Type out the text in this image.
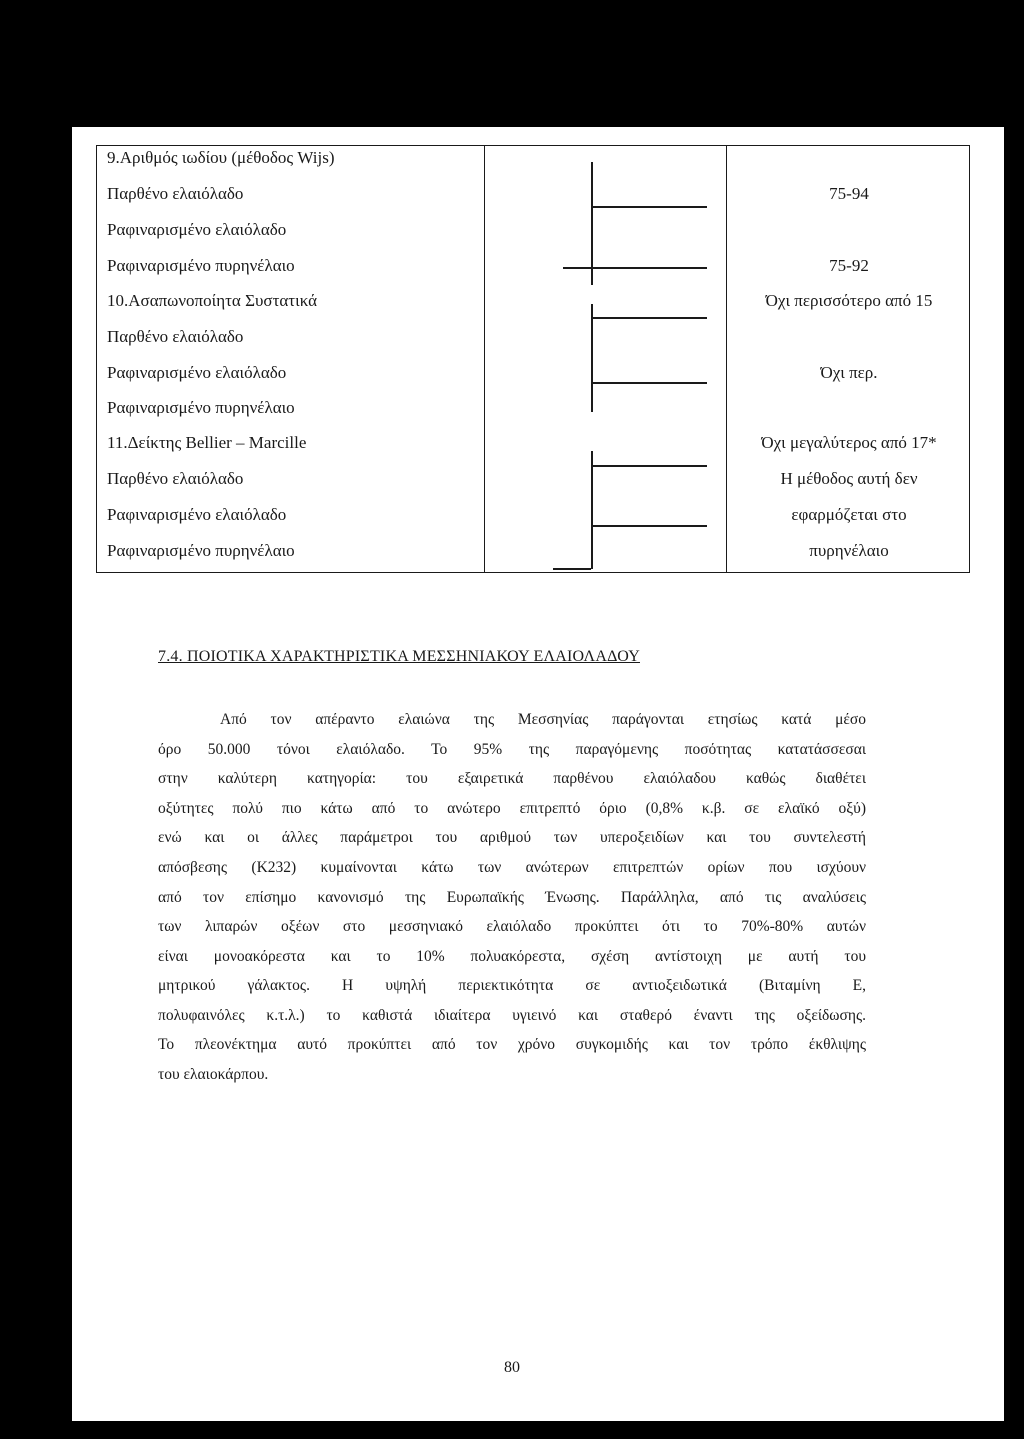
9.Αριθμός ιωδίου (μέθοδος Wijs)
Παρθένο ελαιόλαδο
Ραφιναρισμένο ελαιόλαδο
Ραφιναρισμένο πυρηνέλαιο
10.Ασαπωνοποίητα Συστατικά
Παρθένο ελαιόλαδο
Ραφιναρισμένο ελαιόλαδο
Ραφιναρισμένο πυρηνέλαιο
11.Δείκτης Bellier – Marcille
Παρθένο ελαιόλαδο
Ραφιναρισμένο ελαιόλαδο
Ραφιναρισμένο πυρηνέλαιο
75-94
75-92
Όχι περισσότερο από 15
Όχι περ.
Όχι μεγαλύτερος από 17*
Η μέθοδος αυτή δεν
εφαρμόζεται στο
πυρηνέλαιο
7.4. ΠΟΙΟΤΙΚΑ ΧΑΡΑΚΤΗΡΙΣΤΙΚΑ ΜΕΣΣΗΝΙΑΚΟΥ ΕΛΑΙΟΛΑΔΟΥ
Από τον απέραντο ελαιώνα της Μεσσηνίας παράγονται ετησίως κατά μέσο
όρο 50.000 τόνοι ελαιόλαδο. Το 95% της παραγόμενης ποσότητας κατατάσσεσαι
στην καλύτερη κατηγορία: του εξαιρετικά παρθένου ελαιόλαδου καθώς διαθέτει
οξύτητες πολύ πιο κάτω από το ανώτερο επιτρεπτό όριο (0,8% κ.β. σε ελαϊκό οξύ)
ενώ και οι άλλες παράμετροι του αριθμού των υπεροξειδίων και του συντελεστή
απόσβεσης (Κ232) κυμαίνονται κάτω των ανώτερων επιτρεπτών ορίων που ισχύουν
από τον επίσημο κανονισμό της Ευρωπαϊκής Ένωσης. Παράλληλα, από τις αναλύσεις
των λιπαρών οξέων στο μεσσηνιακό ελαιόλαδο προκύπτει ότι το 70%-80% αυτών
είναι μονοακόρεστα και το 10% πολυακόρεστα, σχέση αντίστοιχη με αυτή του
μητρικού γάλακτος. Η υψηλή περιεκτικότητα σε αντιοξειδωτικά (Βιταμίνη Ε,
πολυφαινόλες κ.τ.λ.) το καθιστά ιδιαίτερα υγιεινό και σταθερό έναντι της οξείδωσης.
Το πλεονέκτημα αυτό προκύπτει από τον χρόνο συγκομιδής και τον τρόπο έκθλιψης
του ελαιοκάρπου.
80
